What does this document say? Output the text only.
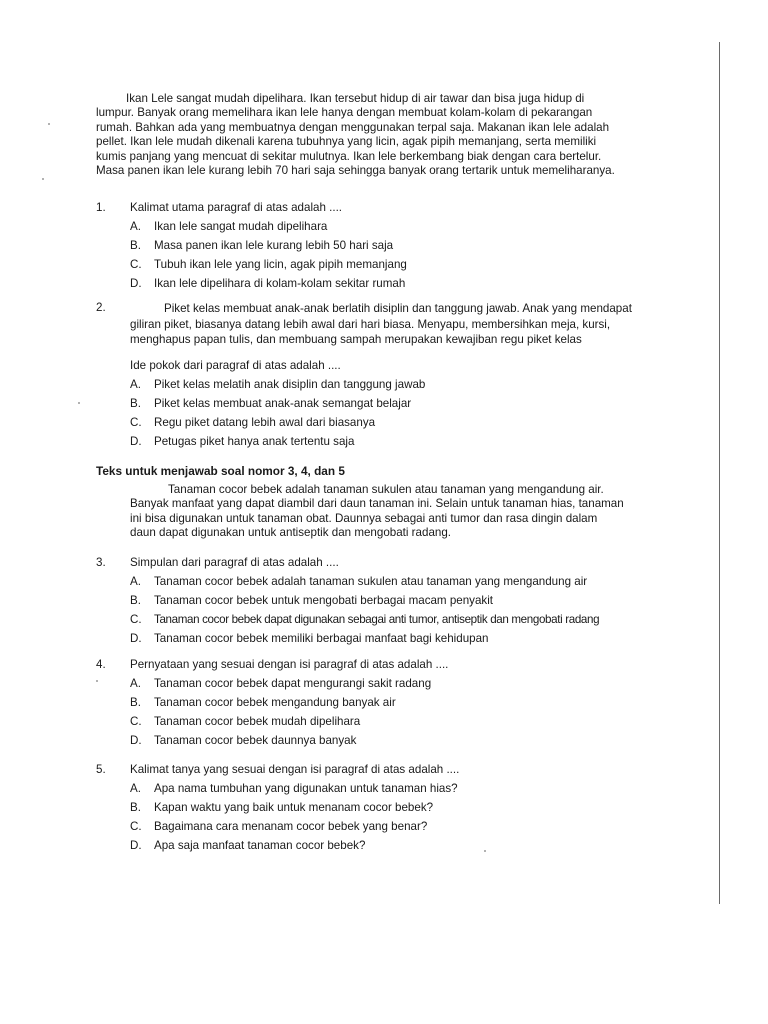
Ikan Lele sangat mudah dipelihara. Ikan tersebut hidup di air tawar dan bisa juga hidup di

lumpur. Banyak orang memelihara ikan lele hanya dengan membuat kolam-kolam di pekarangan

rumah. Bahkan ada yang membuatnya dengan menggunakan terpal saja. Makanan ikan lele adalah

pellet. Ikan lele mudah dikenali karena tubuhnya yang licin, agak pipih memanjang, serta memiliki

kumis panjang yang mencuat di sekitar mulutnya. Ikan lele berkembang biak dengan cara bertelur.

Masa panen ikan lele kurang lebih 70 hari saja sehingga banyak orang tertarik untuk memeliharanya.

1. Kalimat utama paragraf di atas adalah ....
A. Ikan lele sangat mudah dipelihara
B. Masa panen ikan lele kurang lebih 50 hari saja
C. Tubuh ikan lele yang licin, agak pipih memanjang
D. Ikan lele dipelihara di kolam-kolam sekitar rumah
2.	Piket kelas membuat anak-anak berlatih disiplin dan tanggung jawab. Anak yang mendapat

giliran piket, biasanya datang lebih awal dari hari biasa. Menyapu, membersihkan meja, kursi,

menghapus papan tulis, dan membuang sampah merupakan kewajiban regu piket kelas

Ide pokok dari paragraf di atas adalah ....
A. Piket kelas melatih anak disiplin dan tanggung jawab
B. Piket kelas membuat anak-anak semangat belajar
C. Regu piket datang lebih awal dari biasanya
D. Petugas piket hanya anak tertentu saja
Teks untuk menjawab soal nomor 3, 4, dan 5

Tanaman cocor bebek adalah tanaman sukulen atau tanaman yang mengandung air.

Banyak manfaat yang dapat diambil dari daun tanaman ini. Selain untuk tanaman hias, tanaman

ini bisa digunakan untuk tanaman obat. Daunnya sebagai anti tumor dan rasa dingin dalam

daun dapat digunakan untuk antiseptik dan mengobati radang.

3. Simpulan dari paragraf di atas adalah ....
A. Tanaman cocor bebek adalah tanaman sukulen atau tanaman yang mengandung air
B. Tanaman cocor bebek untuk mengobati berbagai macam penyakit
C. Tanaman cocor bebek dapat digunakan sebagai anti tumor, antiseptik dan mengobati radang
D. Tanaman cocor bebek memiliki berbagai manfaat bagi kehidupan
4. Pernyataan yang sesuai dengan isi paragraf di atas adalah ....
A. Tanaman cocor bebek dapat mengurangi sakit radang
B. Tanaman cocor bebek mengandung banyak air
C. Tanaman cocor bebek mudah dipelihara
D. Tanaman cocor bebek daunnya banyak
5. Kalimat tanya yang sesuai dengan isi paragraf di atas adalah ....
A. Apa nama tumbuhan yang digunakan untuk tanaman hias?
B. Kapan waktu yang baik untuk menanam cocor bebek?
C. Bagaimana cara menanam cocor bebek yang benar?
D. Apa saja manfaat tanaman cocor bebek?
